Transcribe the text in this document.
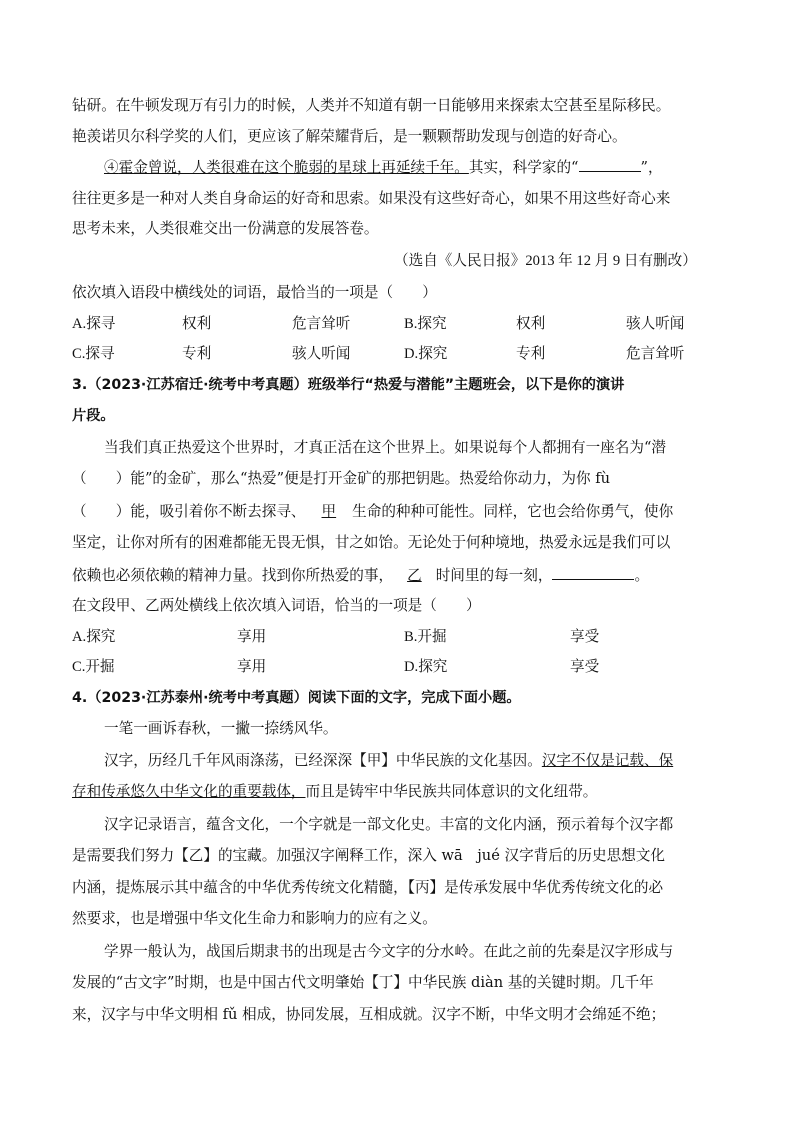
钻研。在牛顿发现万有引力的时候，人类并不知道有朝一日能够用来探索太空甚至星际移民。
艳羡诺贝尔科学奖的人们，更应该了解荣耀背后，是一颗颗帮助发现与创造的好奇心。
④霍金曾说，人类很难在这个脆弱的星球上再延续千年。其实，科学家的“	”，
往往更多是一种对人类自身命运的好奇和思索。如果没有这些好奇心，如果不用这些好奇心来
思考未来，人类很难交出一份满意的发展答卷。
（选自《人民日报》2013 年 12 月 9 日有删改）
依次填入语段中横线处的词语，最恰当的一项是（　　）
A.探寻	权利	危言耸听	B.探究	权利	骇人听闻
C.探寻	专利	骇人听闻	D.探究	专利	危言耸听
3.（2023·江苏宿迁·统考中考真题）班级举行“热爱与潜能”主题班会，以下是你的演讲
片段。
当我们真正热爱这个世界时，才真正活在这个世界上。如果说每个人都拥有一座名为“潜
（　　）能”的金矿，那么“热爱”便是打开金矿的那把钥匙。热爱给你动力，为你 fù
（　　）能，吸引着你不断去探寻、 甲 生命的种种可能性。同样，它也会给你勇气，使你
坚定，让你对所有的困难都能无畏无惧，甘之如饴。无论处于何种境地，热爱永远是我们可以
依赖也必须依赖的精神力量。找到你所热爱的事， 乙 时间里的每一刻，	。
在文段甲、乙两处横线上依次填入词语，恰当的一项是（　　）
A.探究	享用	B.开掘	享受
C.开掘	享用	D.探究	享受
4.（2023·江苏泰州·统考中考真题）阅读下面的文字，完成下面小题。
一笔一画诉春秋，一撇一捺绣风华。
汉字，历经几千年风雨涤荡，已经深深【甲】中华民族的文化基因。汉字不仅是记载、保
存和传承悠久中华文化的重要载体，而且是铸牢中华民族共同体意识的文化纽带。
汉字记录语言，蕴含文化，一个字就是一部文化史。丰富的文化内涵，预示着每个汉字都
是需要我们努力【乙】的宝藏。加强汉字阐释工作，深入 wā　jué 汉字背后的历史思想文化
内涵，提炼展示其中蕴含的中华优秀传统文化精髓，【丙】是传承发展中华优秀传统文化的必
然要求，也是增强中华文化生命力和影响力的应有之义。
学界一般认为，战国后期隶书的出现是古今文字的分水岭。在此之前的先秦是汉字形成与
发展的“古文字”时期，也是中国古代文明肇始【丁】中华民族 diàn 基的关键时期。几千年
来，汉字与中华文明相 fǔ 相成，协同发展，互相成就。汉字不断，中华文明才会绵延不绝；
